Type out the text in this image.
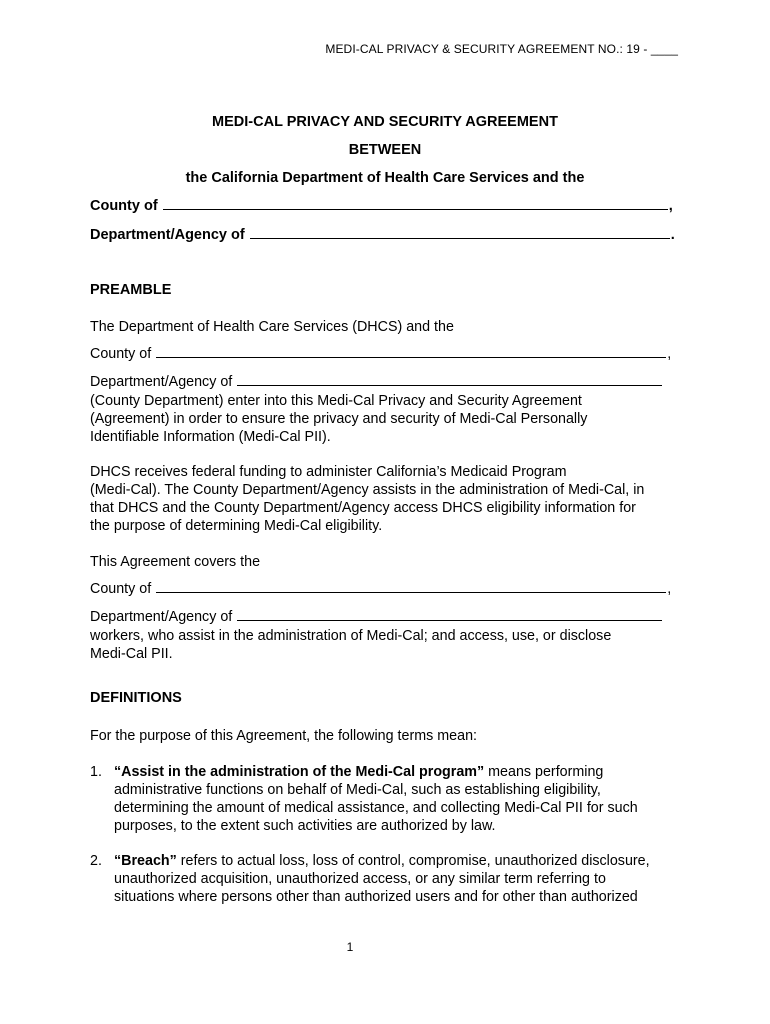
MEDI-CAL PRIVACY & SECURITY AGREEMENT NO.: 19 - ____
MEDI-CAL PRIVACY AND SECURITY AGREEMENT
BETWEEN
the California Department of Health Care Services and the
County of	,
Department/Agency of	.
PREAMBLE
The Department of Health Care Services (DHCS) and the
County of	,
Department/Agency of
(County Department) enter into this Medi-Cal Privacy and Security Agreement
(Agreement) in order to ensure the privacy and security of Medi-Cal Personally
Identifiable Information (Medi-Cal PII).
DHCS receives federal funding to administer California’s Medicaid Program
(Medi-Cal). The County Department/Agency assists in the administration of Medi-Cal, in
that DHCS and the County Department/Agency access DHCS eligibility information for
the purpose of determining Medi-Cal eligibility.
This Agreement covers the
County of	,
Department/Agency of
workers, who assist in the administration of Medi-Cal; and access, use, or disclose
Medi-Cal PII.
DEFINITIONS
For the purpose of this Agreement, the following terms mean:
1. “Assist in the administration of the Medi-Cal program” means performing
administrative functions on behalf of Medi-Cal, such as establishing eligibility,
determining the amount of medical assistance, and collecting Medi-Cal PII for such
purposes, to the extent such activities are authorized by law.
2. “Breach” refers to actual loss, loss of control, compromise, unauthorized disclosure,
unauthorized acquisition, unauthorized access, or any similar term referring to
situations where persons other than authorized users and for other than authorized
1
